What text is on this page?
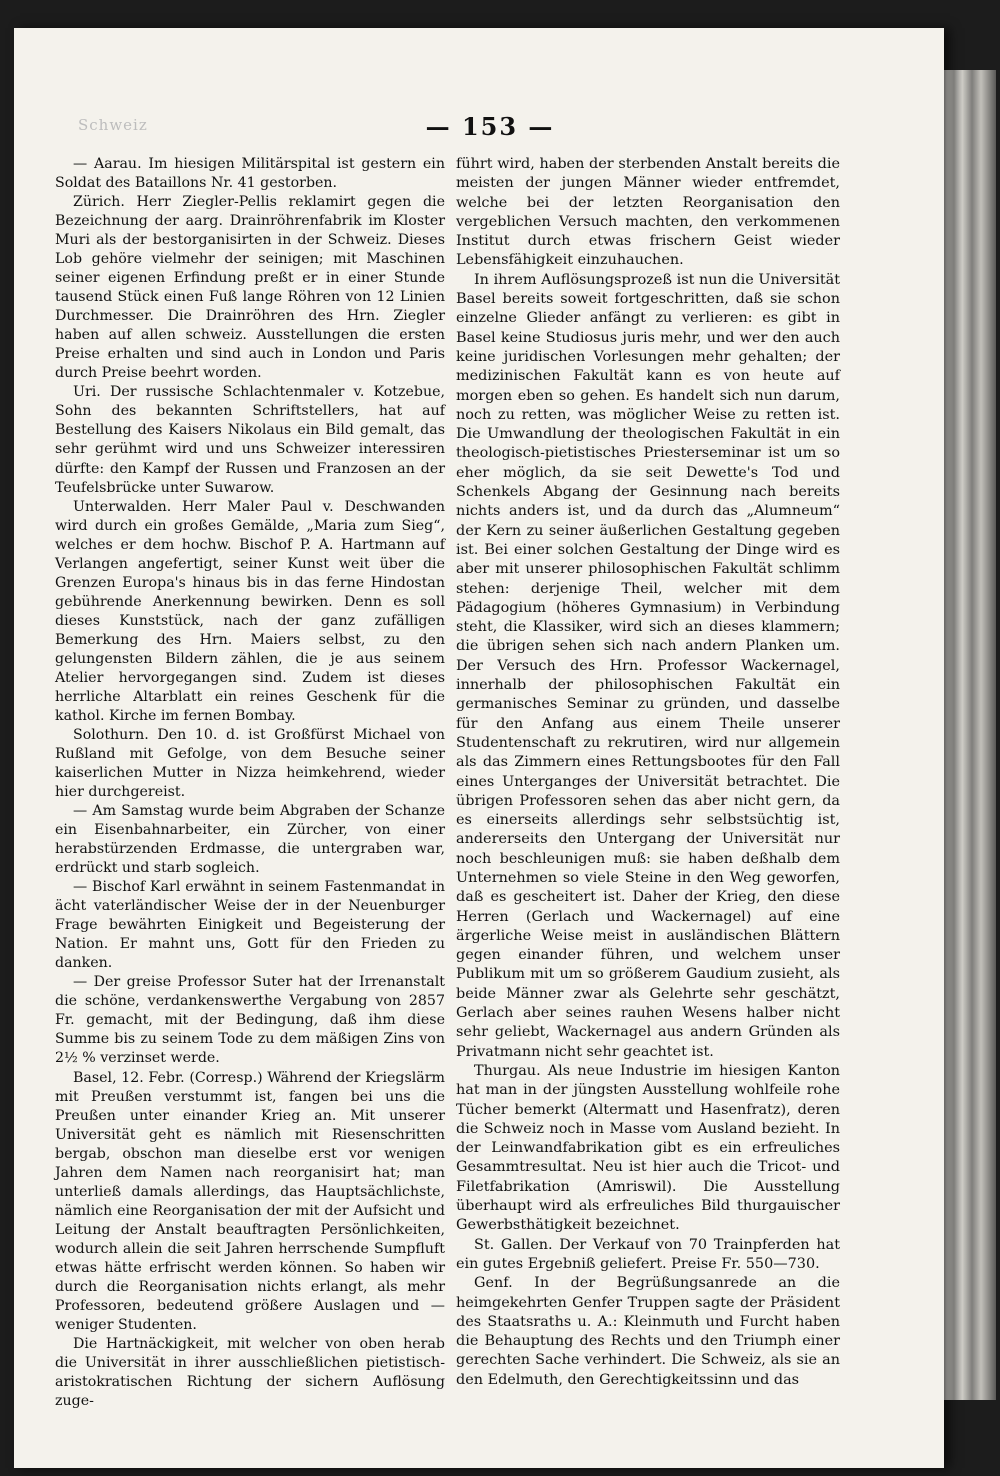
Schweiz	— 153 —

— Aarau. Im hiesigen Militärspital ist gestern ein Soldat des Bataillons Nr. 41 gestorben.

Zürich. Herr Ziegler-Pellis reklamirt gegen die Bezeichnung der aarg. Drainröhrenfabrik im Kloster Muri als der bestorganisirten in der Schweiz. Dieses Lob gehöre vielmehr der seinigen; mit Maschinen seiner eigenen Erfindung preßt er in einer Stunde tausend Stück einen Fuß lange Röhren von 12 Linien Durchmesser. Die Drainröhren des Hrn. Ziegler haben auf allen schweiz. Ausstellungen die ersten Preise erhalten und sind auch in London und Paris durch Preise beehrt worden.

Uri. Der russische Schlachtenmaler v. Kotzebue, Sohn des bekannten Schriftstellers, hat auf Bestellung des Kaisers Nikolaus ein Bild gemalt, das sehr gerühmt wird und uns Schweizer interessiren dürfte: den Kampf der Russen und Franzosen an der Teufelsbrücke unter Suwarow.

Unterwalden. Herr Maler Paul v. Deschwanden wird durch ein großes Gemälde, „Maria zum Sieg“, welches er dem hochw. Bischof P. A. Hartmann auf Verlangen angefertigt, seiner Kunst weit über die Grenzen Europa's hinaus bis in das ferne Hindostan gebührende Anerkennung bewirken. Denn es soll dieses Kunststück, nach der ganz zufälligen Bemerkung des Hrn. Maiers selbst, zu den gelungensten Bildern zählen, die je aus seinem Atelier hervorgegangen sind. Zudem ist dieses herrliche Altarblatt ein reines Geschenk für die kathol. Kirche im fernen Bombay.

Solothurn. Den 10. d. ist Großfürst Michael von Rußland mit Gefolge, von dem Besuche seiner kaiserlichen Mutter in Nizza heimkehrend, wieder hier durchgereist.

— Am Samstag wurde beim Abgraben der Schanze ein Eisenbahnarbeiter, ein Zürcher, von einer herabstürzenden Erdmasse, die untergraben war, erdrückt und starb sogleich.

— Bischof Karl erwähnt in seinem Fastenmandat in ächt vaterländischer Weise der in der Neuenburger Frage bewährten Einigkeit und Begeisterung der Nation. Er mahnt uns, Gott für den Frieden zu danken.

— Der greise Professor Suter hat der Irrenanstalt die schöne, verdankenswerthe Vergabung von 2857 Fr. gemacht, mit der Bedingung, daß ihm diese Summe bis zu seinem Tode zu dem mäßigen Zins von 2½ % verzinset werde.

Basel, 12. Febr. (Corresp.) Während der Kriegslärm mit Preußen verstummt ist, fangen bei uns die Preußen unter einander Krieg an. Mit unserer Universität geht es nämlich mit Riesenschritten bergab, obschon man dieselbe erst vor wenigen Jahren dem Namen nach reorganisirt hat; man unterließ damals allerdings, das Hauptsächlichste, nämlich eine Reorganisation der mit der Aufsicht und Leitung der Anstalt beauftragten Persönlichkeiten, wodurch allein die seit Jahren herrschende Sumpfluft etwas hätte erfrischt werden können. So haben wir durch die Reorganisation nichts erlangt, als mehr Professoren, bedeutend größere Auslagen und — weniger Studenten.

Die Hartnäckigkeit, mit welcher von oben herab die Universität in ihrer ausschließlichen pietistisch-aristokratischen Richtung der sichern Auflösung zuge-

führt wird, haben der sterbenden Anstalt bereits die meisten der jungen Männer wieder entfremdet, welche bei der letzten Reorganisation den vergeblichen Versuch machten, den verkommenen Institut durch etwas frischern Geist wieder Lebensfähigkeit einzuhauchen.

In ihrem Auflösungsprozeß ist nun die Universität Basel bereits soweit fortgeschritten, daß sie schon einzelne Glieder anfängt zu verlieren: es gibt in Basel keine Studiosus juris mehr, und wer den auch keine juridischen Vorlesungen mehr gehalten; der medizinischen Fakultät kann es von heute auf morgen eben so gehen. Es handelt sich nun darum, noch zu retten, was möglicher Weise zu retten ist. Die Umwandlung der theologischen Fakultät in ein theologisch-pietistisches Priesterseminar ist um so eher möglich, da sie seit Dewette's Tod und Schenkels Abgang der Gesinnung nach bereits nichts anders ist, und da durch das „Alumneum“ der Kern zu seiner äußerlichen Gestaltung gegeben ist. Bei einer solchen Gestaltung der Dinge wird es aber mit unserer philosophischen Fakultät schlimm stehen: derjenige Theil, welcher mit dem Pädagogium (höheres Gymnasium) in Verbindung steht, die Klassiker, wird sich an dieses klammern; die übrigen sehen sich nach andern Planken um. Der Versuch des Hrn. Professor Wackernagel, innerhalb der philosophischen Fakultät ein germanisches Seminar zu gründen, und dasselbe für den Anfang aus einem Theile unserer Studentenschaft zu rekrutiren, wird nur allgemein als das Zimmern eines Rettungsbootes für den Fall eines Unterganges der Universität betrachtet. Die übrigen Professoren sehen das aber nicht gern, da es einerseits allerdings sehr selbstsüchtig ist, andererseits den Untergang der Universität nur noch beschleunigen muß: sie haben deßhalb dem Unternehmen so viele Steine in den Weg geworfen, daß es gescheitert ist. Daher der Krieg, den diese Herren (Gerlach und Wackernagel) auf eine ärgerliche Weise meist in ausländischen Blättern gegen einander führen, und welchem unser Publikum mit um so größerem Gaudium zusieht, als beide Männer zwar als Gelehrte sehr geschätzt, Gerlach aber seines rauhen Wesens halber nicht sehr geliebt, Wackernagel aus andern Gründen als Privatmann nicht sehr geachtet ist.

Thurgau. Als neue Industrie im hiesigen Kanton hat man in der jüngsten Ausstellung wohlfeile rohe Tücher bemerkt (Altermatt und Hasenfratz), deren die Schweiz noch in Masse vom Ausland bezieht. In der Leinwandfabrikation gibt es ein erfreuliches Gesammtresultat. Neu ist hier auch die Tricot- und Filetfabrikation (Amriswil). Die Ausstellung überhaupt wird als erfreuliches Bild thurgauischer Gewerbsthätigkeit bezeichnet.

St. Gallen. Der Verkauf von 70 Trainpferden hat ein gutes Ergebniß geliefert. Preise Fr. 550—730.

Genf. In der Begrüßungsanrede an die heimgekehrten Genfer Truppen sagte der Präsident des Staatsraths u. A.: Kleinmuth und Furcht haben die Behauptung des Rechts und den Triumph einer gerechten Sache verhindert. Die Schweiz, als sie an den Edelmuth, den Gerechtigkeitssinn und das
